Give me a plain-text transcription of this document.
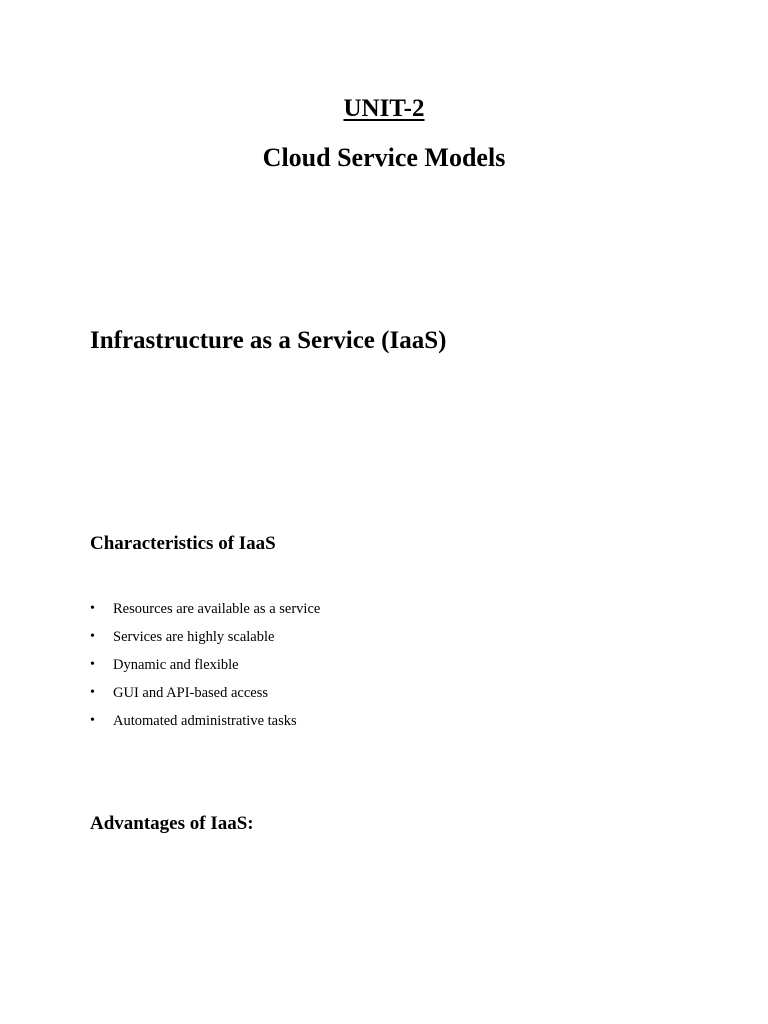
UNIT-2
Cloud Service Models
Infrastructure as a Service (IaaS)
Characteristics of IaaS
• Resources are available as a service
• Services are highly scalable
• Dynamic and flexible
• GUI and API-based access
• Automated administrative tasks
Advantages of IaaS:
